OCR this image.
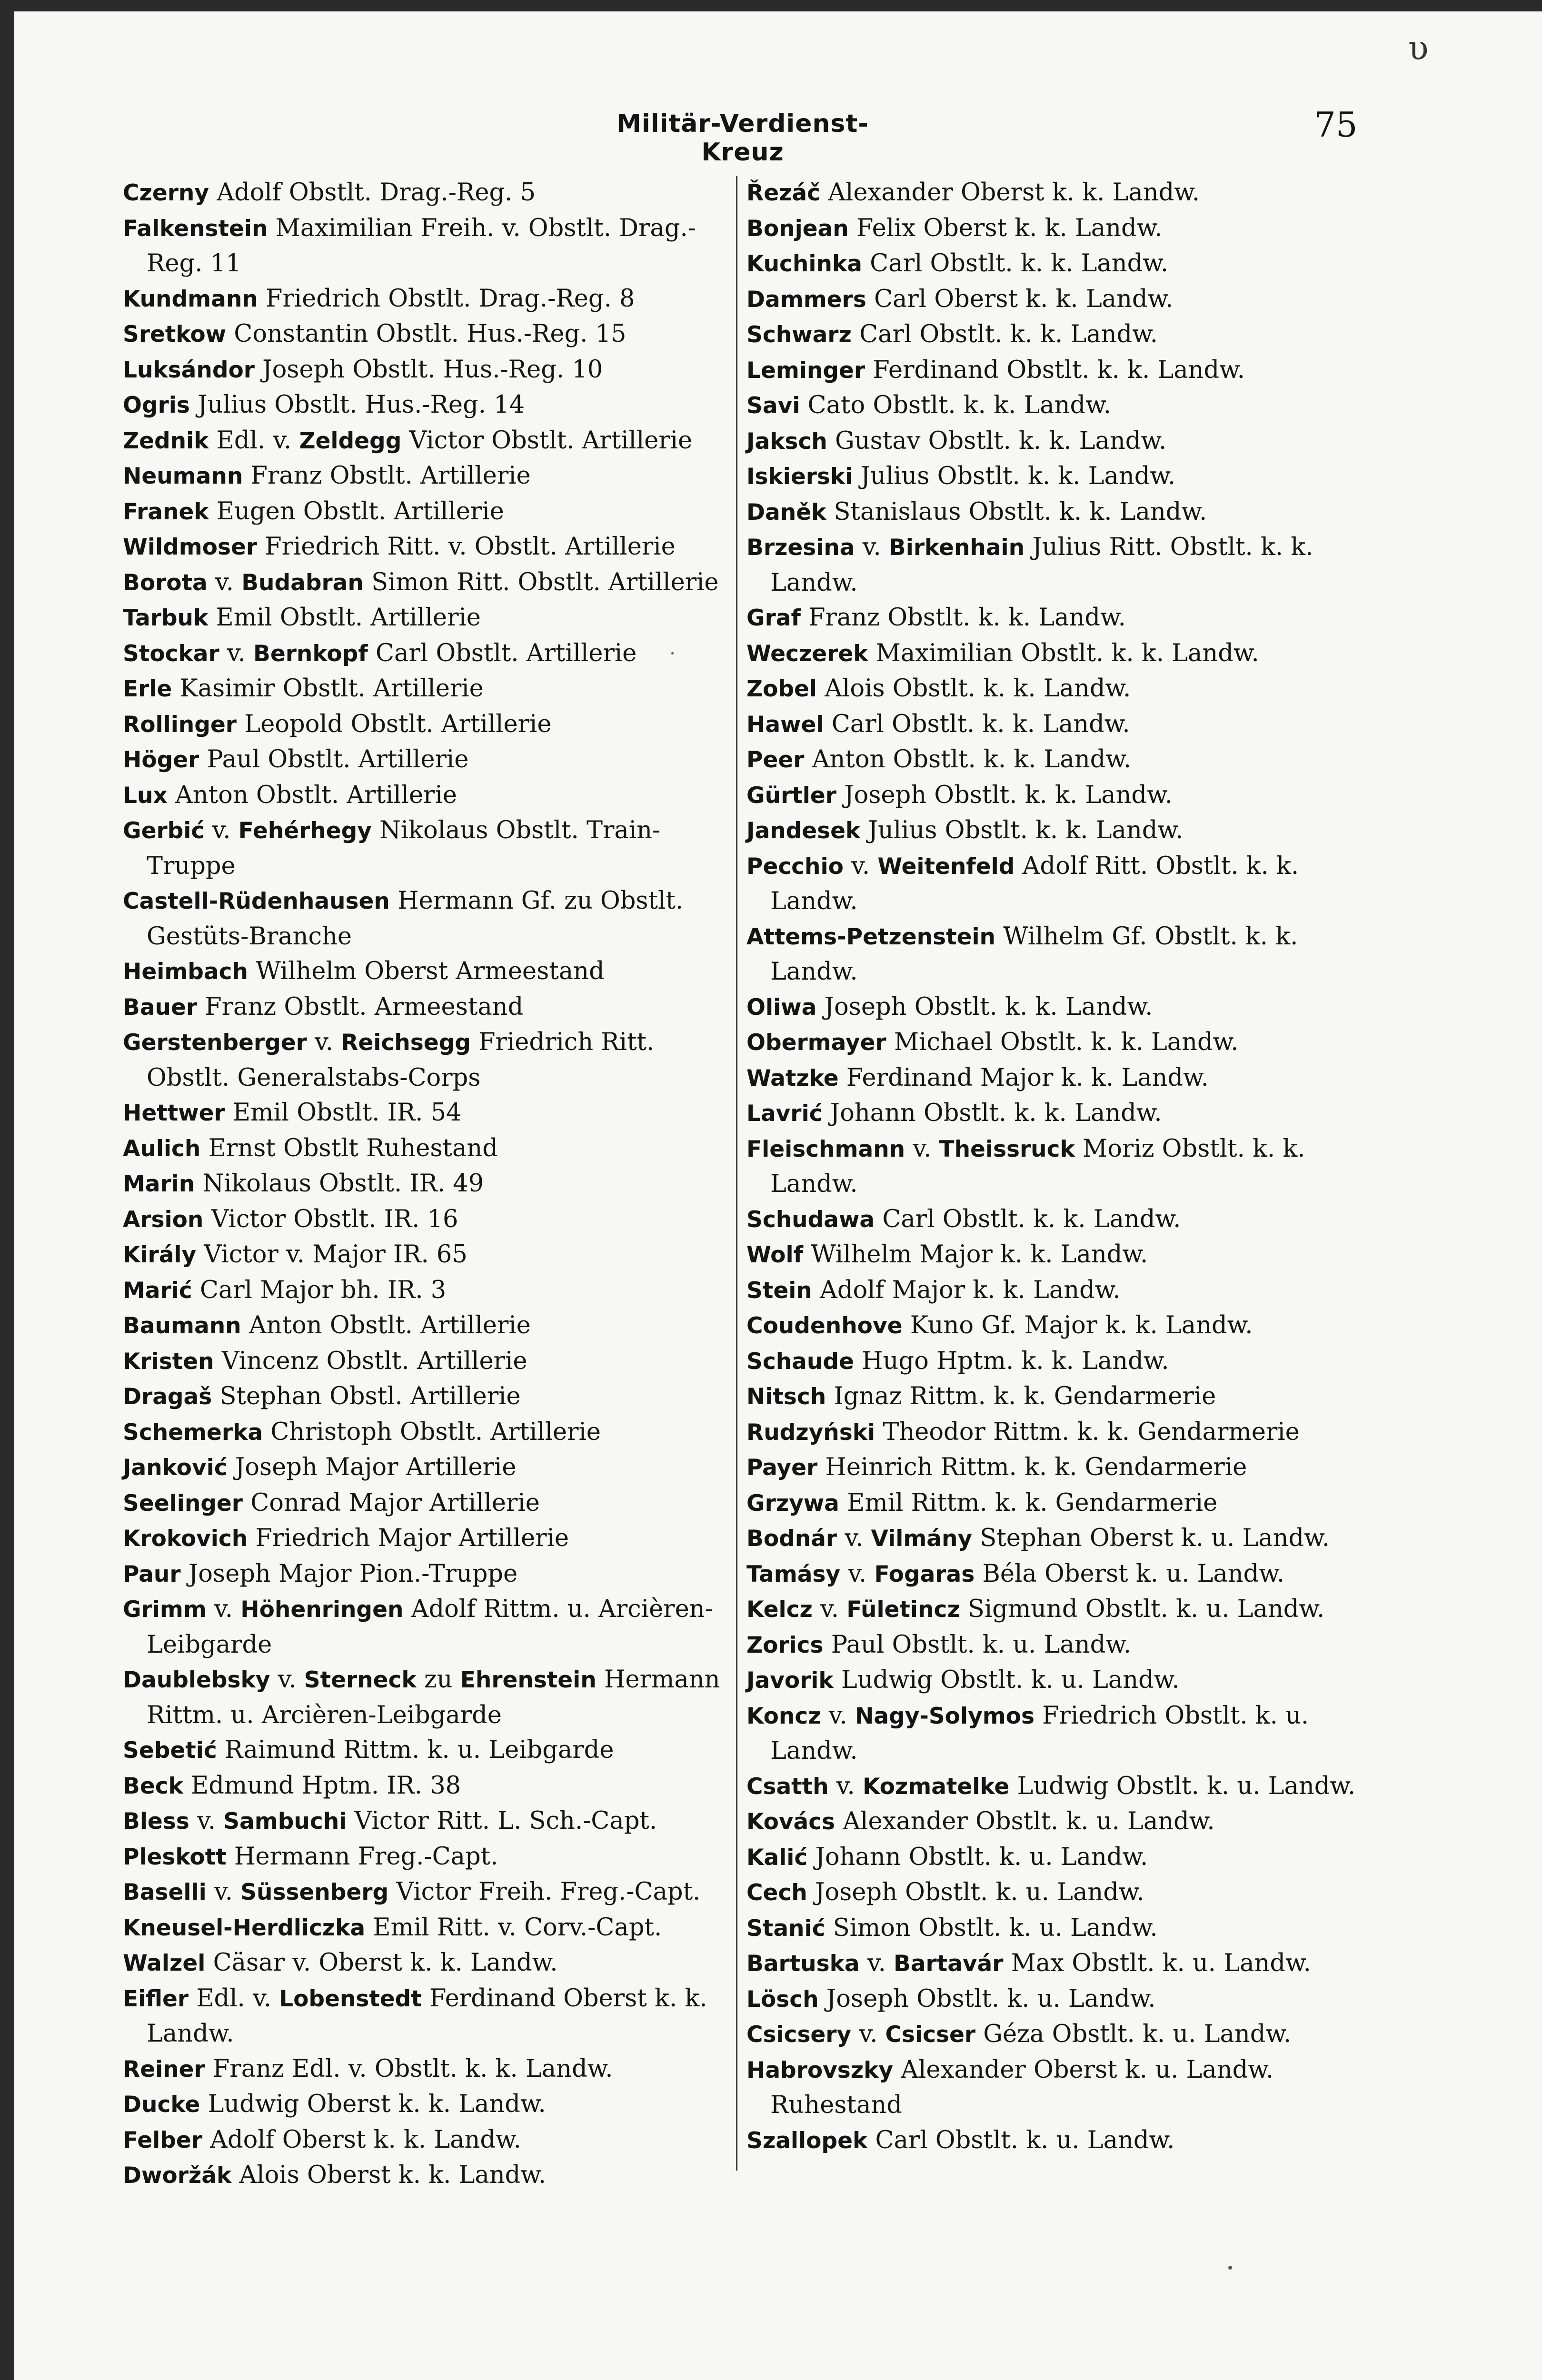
υ
Militär-Verdienst-Kreuz
75
Czerny Adolf Obstlt. Drag.-Reg. 5
Falkenstein Maximilian Freih. v. Obstlt. Drag.-Reg. 11
Kundmann Friedrich Obstlt. Drag.-Reg. 8
Sretkow Constantin Obstlt. Hus.-Reg. 15
Luksándor Joseph Obstlt. Hus.-Reg. 10
Ogris Julius Obstlt. Hus.-Reg. 14
Zednik Edl. v. Zeldegg Victor Obstlt. Artillerie
Neumann Franz Obstlt. Artillerie
Franek Eugen Obstlt. Artillerie
Wildmoser Friedrich Ritt. v. Obstlt. Artillerie
Borota v. Budabran Simon Ritt. Obstlt. Artillerie
Tarbuk Emil Obstlt. Artillerie
Stockar v. Bernkopf Carl Obstlt. Artillerie
Erle Kasimir Obstlt. Artillerie
Rollinger Leopold Obstlt. Artillerie
Höger Paul Obstlt. Artillerie
Lux Anton Obstlt. Artillerie
Gerbić v. Fehérhegy Nikolaus Obstlt. Train-Truppe
Castell-Rüdenhausen Hermann Gf. zu Obstlt. Gestüts-Branche
Heimbach Wilhelm Oberst Armeestand
Bauer Franz Obstlt. Armeestand
Gerstenberger v. Reichsegg Friedrich Ritt. Obstlt. Generalstabs-Corps
Hettwer Emil Obstlt. IR. 54
Aulich Ernst Obstlt Ruhestand
Marin Nikolaus Obstlt. IR. 49
Arsion Victor Obstlt. IR. 16
Király Victor v. Major IR. 65
Marić Carl Major bh. IR. 3
Baumann Anton Obstlt. Artillerie
Kristen Vincenz Obstlt. Artillerie
Dragaš Stephan Obstl. Artillerie
Schemerka Christoph Obstlt. Artillerie
Janković Joseph Major Artillerie
Seelinger Conrad Major Artillerie
Krokovich Friedrich Major Artillerie
Paur Joseph Major Pion.-Truppe
Grimm v. Höhenringen Adolf Rittm. u. Arcièren-Leibgarde
Daublebsky v. Sterneck zu Ehrenstein Hermann Rittm. u. Arcièren-Leibgarde
Sebetić Raimund Rittm. k. u. Leibgarde
Beck Edmund Hptm. IR. 38
Bless v. Sambuchi Victor Ritt. L. Sch.-Capt.
Pleskott Hermann Freg.-Capt.
Baselli v. Süssenberg Victor Freih. Freg.-Capt.
Kneusel-Herdliczka Emil Ritt. v. Corv.-Capt.
Walzel Cäsar v. Oberst k. k. Landw.
Eifler Edl. v. Lobenstedt Ferdinand Oberst k. k. Landw.
Reiner Franz Edl. v. Obstlt. k. k. Landw.
Ducke Ludwig Oberst k. k. Landw.
Felber Adolf Oberst k. k. Landw.
Dworžák Alois Oberst k. k. Landw.
Řezáč Alexander Oberst k. k. Landw.
Bonjean Felix Oberst k. k. Landw.
Kuchinka Carl Obstlt. k. k. Landw.
Dammers Carl Oberst k. k. Landw.
Schwarz Carl Obstlt. k. k. Landw.
Leminger Ferdinand Obstlt. k. k. Landw.
Savi Cato Obstlt. k. k. Landw.
Jaksch Gustav Obstlt. k. k. Landw.
Iskierski Julius Obstlt. k. k. Landw.
Daněk Stanislaus Obstlt. k. k. Landw.
Brzesina v. Birkenhain Julius Ritt. Obstlt. k. k. Landw.
Graf Franz Obstlt. k. k. Landw.
Weczerek Maximilian Obstlt. k. k. Landw.
Zobel Alois Obstlt. k. k. Landw.
Hawel Carl Obstlt. k. k. Landw.
Peer Anton Obstlt. k. k. Landw.
Gürtler Joseph Obstlt. k. k. Landw.
Jandesek Julius Obstlt. k. k. Landw.
Pecchio v. Weitenfeld Adolf Ritt. Obstlt. k. k. Landw.
Attems-Petzenstein Wilhelm Gf. Obstlt. k. k. Landw.
Oliwa Joseph Obstlt. k. k. Landw.
Obermayer Michael Obstlt. k. k. Landw.
Watzke Ferdinand Major k. k. Landw.
Lavrić Johann Obstlt. k. k. Landw.
Fleischmann v. Theissruck Moriz Obstlt. k. k. Landw.
Schudawa Carl Obstlt. k. k. Landw.
Wolf Wilhelm Major k. k. Landw.
Stein Adolf Major k. k. Landw.
Coudenhove Kuno Gf. Major k. k. Landw.
Schaude Hugo Hptm. k. k. Landw.
Nitsch Ignaz Rittm. k. k. Gendarmerie
Rudzyński Theodor Rittm. k. k. Gendarmerie
Payer Heinrich Rittm. k. k. Gendarmerie
Grzywa Emil Rittm. k. k. Gendarmerie
Bodnár v. Vilmány Stephan Oberst k. u. Landw.
Tamásy v. Fogaras Béla Oberst k. u. Landw.
Kelcz v. Fületincz Sigmund Obstlt. k. u. Landw.
Zorics Paul Obstlt. k. u. Landw.
Javorik Ludwig Obstlt. k. u. Landw.
Koncz v. Nagy-Solymos Friedrich Obstlt. k. u. Landw.
Csatth v. Kozmatelke Ludwig Obstlt. k. u. Landw.
Kovács Alexander Obstlt. k. u. Landw.
Kalić Johann Obstlt. k. u. Landw.
Cech Joseph Obstlt. k. u. Landw.
Stanić Simon Obstlt. k. u. Landw.
Bartuska v. Bartavár Max Obstlt. k. u. Landw.
Lösch Joseph Obstlt. k. u. Landw.
Csicsery v. Csicser Géza Obstlt. k. u. Landw.
Habrovszky Alexander Oberst k. u. Landw. Ruhestand
Szallopek Carl Obstlt. k. u. Landw.
